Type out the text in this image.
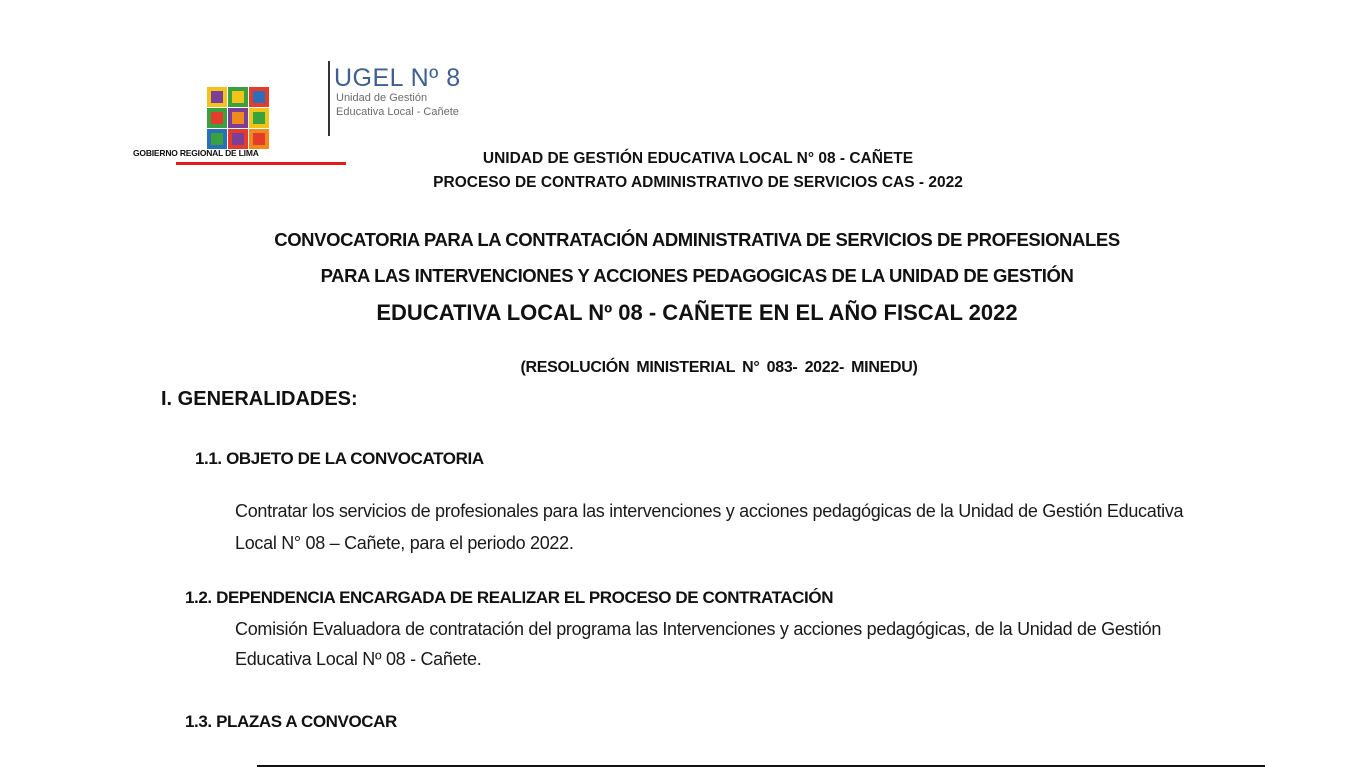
GOBIERNO REGIONAL DE LIMA
UGEL Nº 8
Unidad de Gestión
Educativa Local - Cañete
UNIDAD DE GESTIÓN EDUCATIVA LOCAL N° 08 - CAÑETE
PROCESO DE CONTRATO ADMINISTRATIVO DE SERVICIOS CAS - 2022
CONVOCATORIA PARA LA CONTRATACIÓN ADMINISTRATIVA DE SERVICIOS DE PROFESIONALES
PARA LAS INTERVENCIONES Y ACCIONES PEDAGOGICAS DE LA UNIDAD DE GESTIÓN
EDUCATIVA LOCAL Nº 08 - CAÑETE EN EL AÑO FISCAL 2022
(RESOLUCIÓN MINISTERIAL N° 083- 2022- MINEDU)
I. GENERALIDADES:
1.1. OBJETO DE LA CONVOCATORIA
Contratar los servicios de profesionales para las intervenciones y acciones pedagógicas de la Unidad de Gestión Educativa
Local N° 08 – Cañete, para el periodo 2022.
1.2. DEPENDENCIA ENCARGADA DE REALIZAR EL PROCESO DE CONTRATACIÓN
Comisión Evaluadora de contratación del programa las Intervenciones y acciones pedagógicas, de la Unidad de Gestión
Educativa Local Nº 08 - Cañete.
1.3. PLAZAS A CONVOCAR
